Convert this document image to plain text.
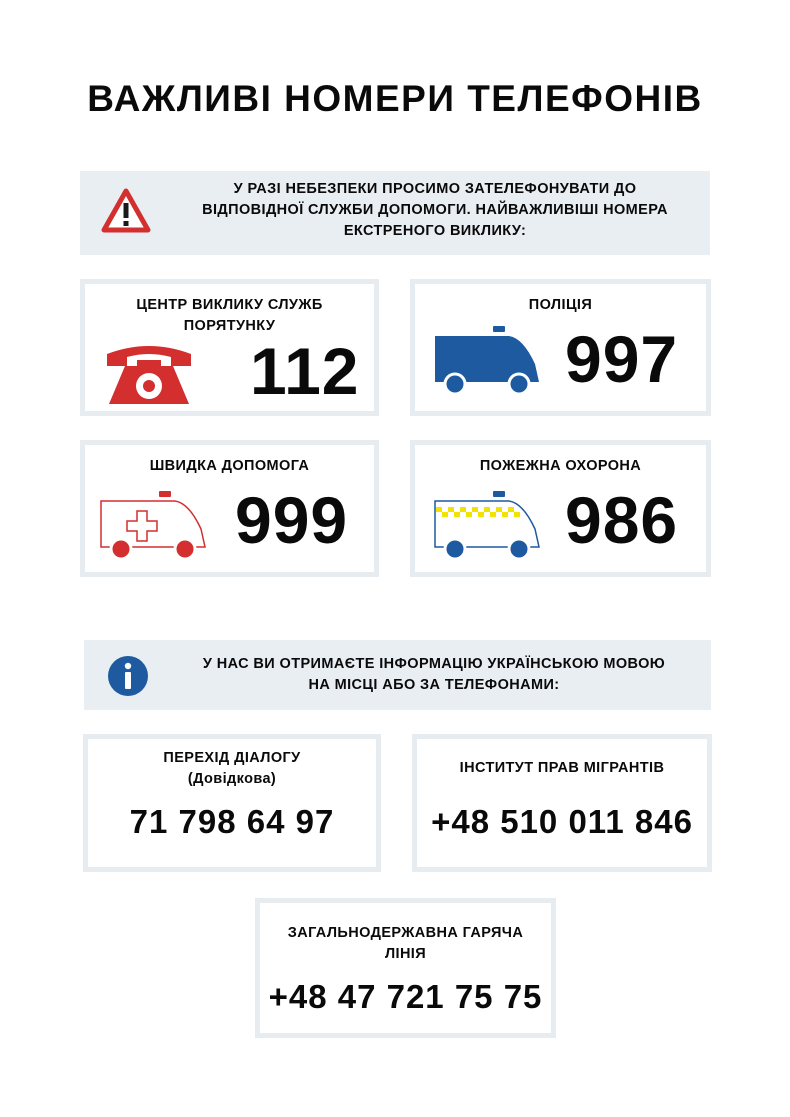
ВАЖЛИВІ НОМЕРИ ТЕЛЕФОНІВ
У РАЗІ НЕБЕЗПЕКИ ПРОСИМО ЗАТЕЛЕФОНУВАТИ ДО
ВІДПОВІДНОЇ СЛУЖБИ ДОПОМОГИ. НАЙВАЖЛИВІШІ НОМЕРА
ЕКСТРЕНОГО ВИКЛИКУ:
ЦЕНТР ВИКЛИКУ СЛУЖБ
ПОРЯТУНКУ
112
ПОЛІЦІЯ
997
ШВИДКА ДОПОМОГА
999
ПОЖЕЖНА ОХОРОНА
986
У НАС ВИ ОТРИМАЄТЕ ІНФОРМАЦІЮ УКРАЇНСЬКОЮ МОВОЮ
НА МІСЦІ АБО ЗА ТЕЛЕФОНАМИ:
ПЕРЕХІД ДІАЛОГУ
(Довідкова)
71 798 64 97
ІНСТИТУТ ПРАВ МІГРАНТІВ
+48 510 011 846
ЗАГАЛЬНОДЕРЖАВНА ГАРЯЧА
ЛІНІЯ
+48 47 721 75 75
